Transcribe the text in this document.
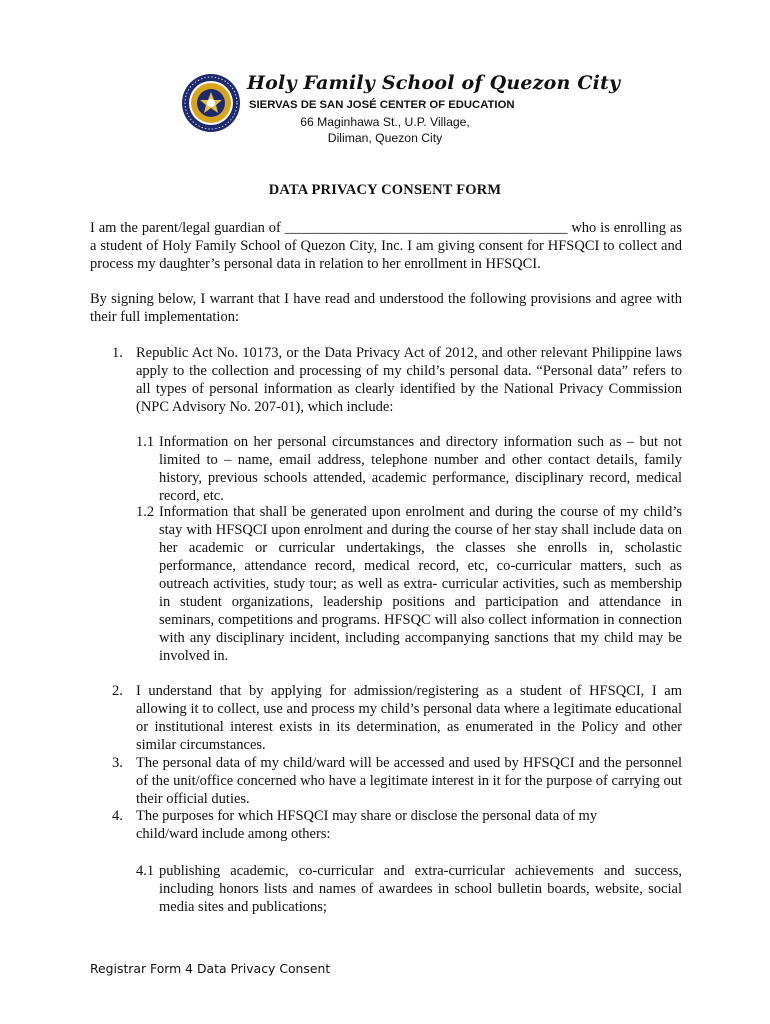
Holy Family School of Quezon City
SIERVAS DE SAN JOSÉ CENTER OF EDUCATION
66 Maginhawa St., U.P. Village,
Diliman, Quezon City
DATA PRIVACY CONSENT FORM

I am the parent/legal guardian of _______________________________________ who is enrolling as a student of Holy Family School of Quezon City, Inc. I am giving consent for HFSQCI to collect and process my daughter’s personal data in relation to her enrollment in HFSQCI.

By signing below, I warrant that I have read and understood the following provisions and agree with their full implementation:

1. Republic Act No. 10173, or the Data Privacy Act of 2012, and other relevant Philippine laws apply to the collection and processing of my child’s personal data. “Personal data” refers to all types of personal information as clearly identified by the National Privacy Commission (NPC Advisory No. 207-01), which include:

1.1 Information on her personal circumstances and directory information such as – but not limited to – name, email address, telephone number and other contact details, family history, previous schools attended, academic performance, disciplinary record, medical record, etc.

1.2 Information that shall be generated upon enrolment and during the course of my child’s stay with HFSQCI upon enrolment and during the course of her stay shall include data on her academic or curricular undertakings, the classes she enrolls in, scholastic performance, attendance record, medical record, etc, co-curricular matters, such as outreach activities, study tour; as well as extra- curricular activities, such as membership in student organizations, leadership positions and participation and attendance in seminars, competitions and programs. HFSQC will also collect information in connection with any disciplinary incident, including accompanying sanctions that my child may be involved in.

2. I understand that by applying for admission/registering as a student of HFSQCI, I am allowing it to collect, use and process my child’s personal data where a legitimate educational or institutional interest exists in its determination, as enumerated in the Policy and other similar circumstances.

3. The personal data of my child/ward will be accessed and used by HFSQCI and the personnel of the unit/office concerned who have a legitimate interest in it for the purpose of carrying out their official duties.

4. The purposes for which HFSQCI may share or disclose the personal data of my child/ward include among others:

4.1 publishing academic, co-curricular and extra-curricular achievements and success, including honors lists and names of awardees in school bulletin boards, website, social media sites and publications;

Registrar Form 4 Data Privacy Consent
